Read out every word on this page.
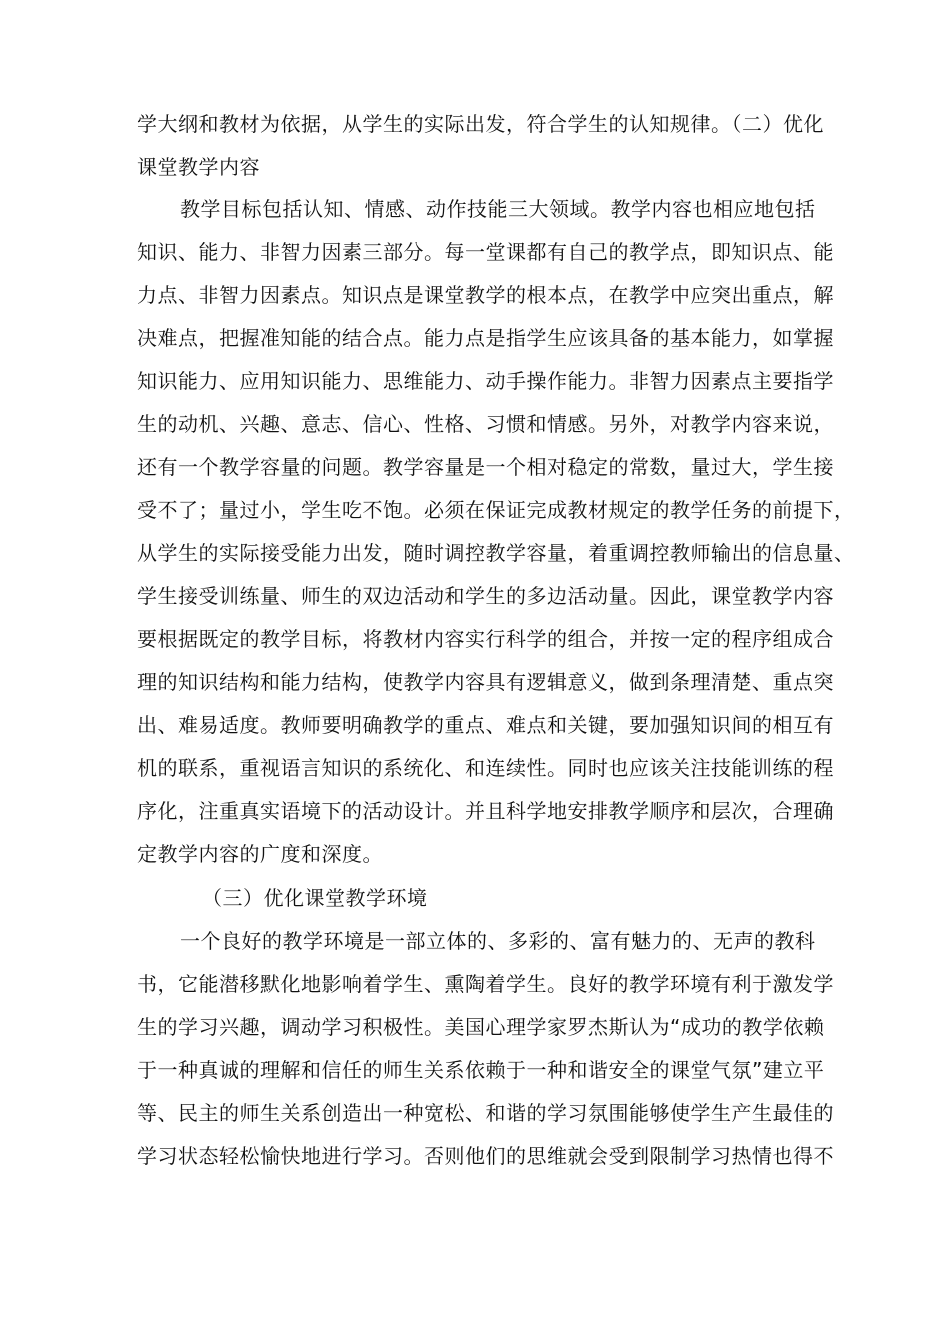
学大纲和教材为依据，从学生的实际出发，符合学生的认知规律。（二）优化
课堂教学内容
教学目标包括认知、情感、动作技能三大领域。教学内容也相应地包括
知识、能力、非智力因素三部分。每一堂课都有自己的教学点，即知识点、能
力点、非智力因素点。知识点是课堂教学的根本点，在教学中应突出重点，解
决难点，把握准知能的结合点。能力点是指学生应该具备的基本能力，如掌握
知识能力、应用知识能力、思维能力、动手操作能力。非智力因素点主要指学
生的动机、兴趣、意志、信心、性格、习惯和情感。另外，对教学内容来说，
还有一个教学容量的问题。教学容量是一个相对稳定的常数，量过大，学生接
受不了；量过小，学生吃不饱。必须在保证完成教材规定的教学任务的前提下，
从学生的实际接受能力出发，随时调控教学容量，着重调控教师输出的信息量、
学生接受训练量、师生的双边活动和学生的多边活动量。因此，课堂教学内容
要根据既定的教学目标，将教材内容实行科学的组合，并按一定的程序组成合
理的知识结构和能力结构，使教学内容具有逻辑意义，做到条理清楚、重点突
出、难易适度。教师要明确教学的重点、难点和关键，要加强知识间的相互有
机的联系，重视语言知识的系统化、和连续性。同时也应该关注技能训练的程
序化，注重真实语境下的活动设计。并且科学地安排教学顺序和层次，合理确
定教学内容的广度和深度。
（三）优化课堂教学环境
一个良好的教学环境是一部立体的、多彩的、富有魅力的、无声的教科
书，它能潜移默化地影响着学生、熏陶着学生。良好的教学环境有利于激发学
生的学习兴趣，调动学习积极性。美国心理学家罗杰斯认为“成功的教学依赖
于一种真诚的理解和信任的师生关系依赖于一种和谐安全的课堂气氛”建立平
等、民主的师生关系创造出一种宽松、和谐的学习氛围能够使学生产生最佳的
学习状态轻松愉快地进行学习。否则他们的思维就会受到限制学习热情也得不
